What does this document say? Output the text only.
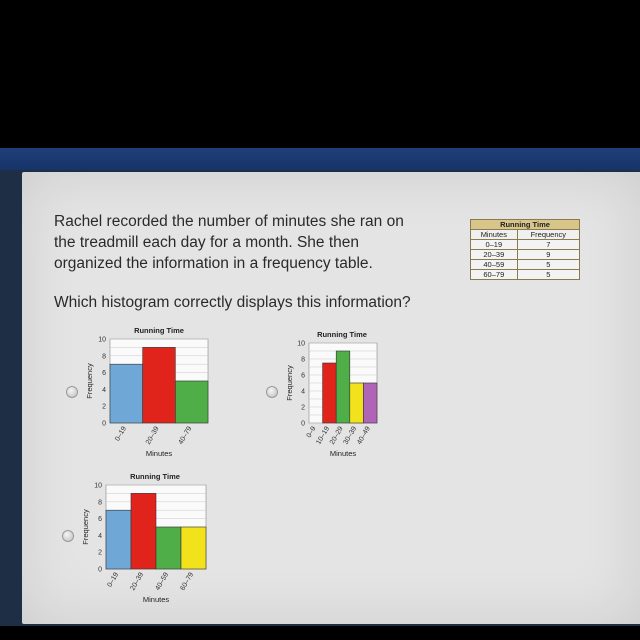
Rachel recorded the number of minutes she ran on
the treadmill each day for a month. She then
organized the information in a frequency table.
Which histogram correctly displays this information?
Running Time	
Minutes	Frequency
0–19	7
20–39	9
40–59	5
60–79	5
Running Time
0
2
4
6
8
10
0–19 20–39 40–79
Minutes
Frequency
Running Time
0
2
4
6
8
10
0–9
10–19
20–29
30–39
40–49
Minutes
Frequency
Running Time
0
2
4
6
8
10
0–19 20–39 40–59 60–79
Minutes
Frequency
